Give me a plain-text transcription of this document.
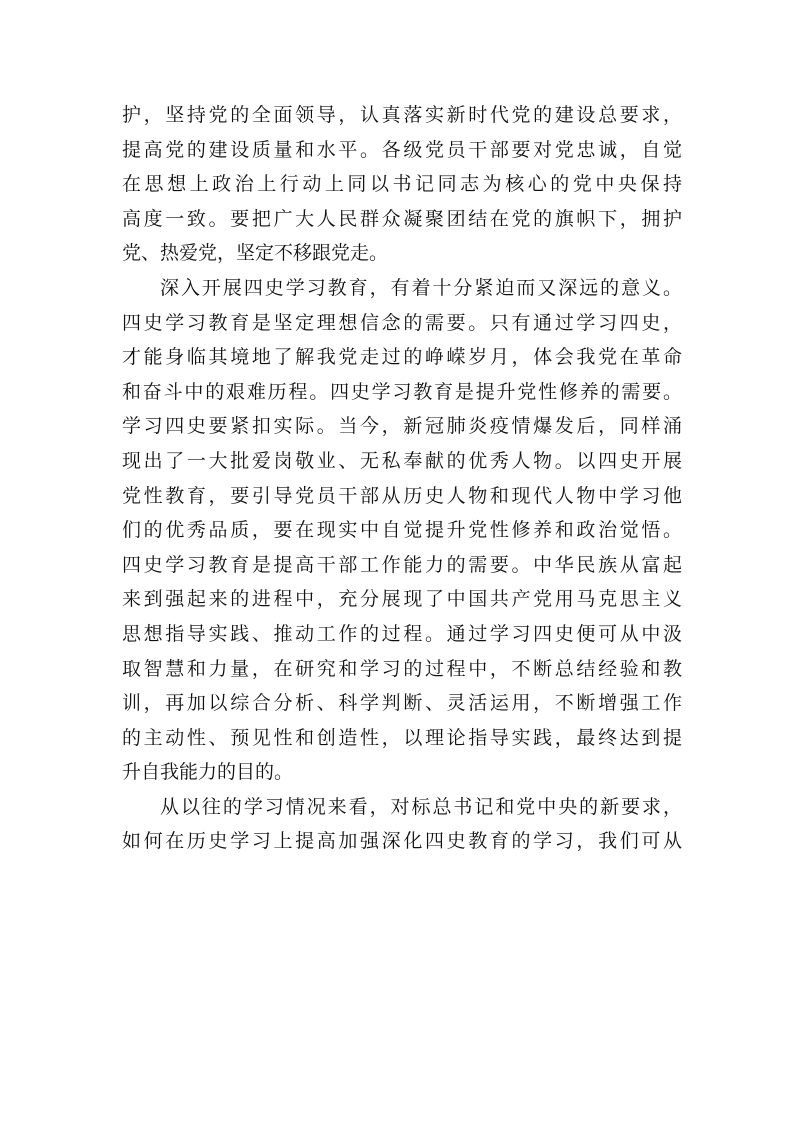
护，坚持党的全面领导，认真落实新时代党的建设总要求，
提高党的建设质量和水平。各级党员干部要对党忠诚，自觉
在思想上政治上行动上同以书记同志为核心的党中央保持
高度一致。要把广大人民群众凝聚团结在党的旗帜下，拥护
党、热爱党，坚定不移跟党走。
深入开展四史学习教育，有着十分紧迫而又深远的意义。
四史学习教育是坚定理想信念的需要。只有通过学习四史，
才能身临其境地了解我党走过的峥嵘岁月，体会我党在革命
和奋斗中的艰难历程。四史学习教育是提升党性修养的需要。
学习四史要紧扣实际。当今，新冠肺炎疫情爆发后，同样涌
现出了一大批爱岗敬业、无私奉献的优秀人物。以四史开展
党性教育，要引导党员干部从历史人物和现代人物中学习他
们的优秀品质，要在现实中自觉提升党性修养和政治觉悟。
四史学习教育是提高干部工作能力的需要。中华民族从富起
来到强起来的进程中，充分展现了中国共产党用马克思主义
思想指导实践、推动工作的过程。通过学习四史便可从中汲
取智慧和力量，在研究和学习的过程中，不断总结经验和教
训，再加以综合分析、科学判断、灵活运用，不断增强工作
的主动性、预见性和创造性，以理论指导实践，最终达到提
升自我能力的目的。
从以往的学习情况来看，对标总书记和党中央的新要求，
如何在历史学习上提高加强深化四史教育的学习，我们可从
